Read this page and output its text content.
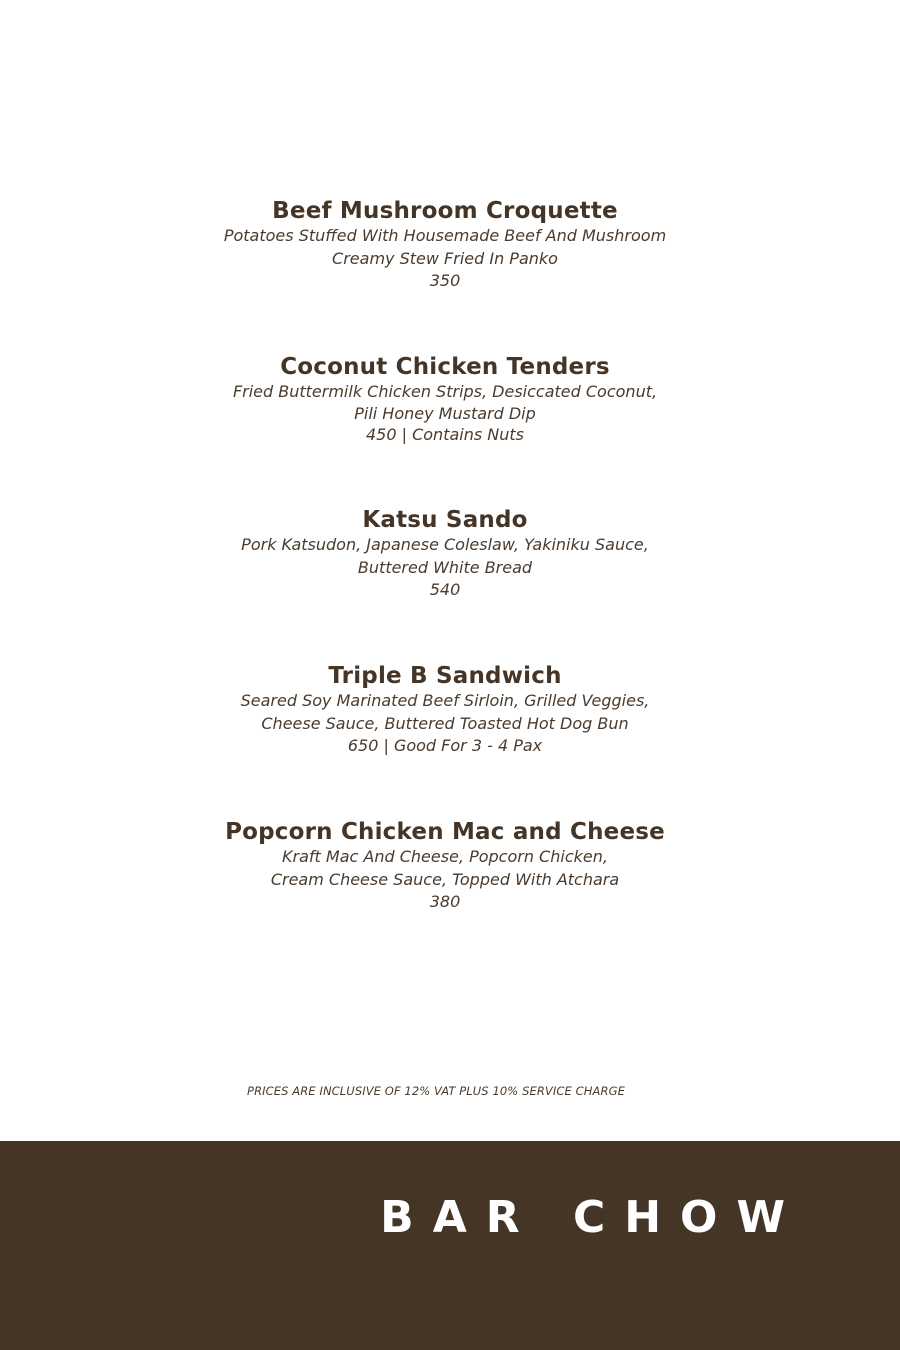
Beef Mushroom Croquette

Potatoes Stuffed With Housemade Beef And Mushroom
Creamy Stew Fried In Panko

350

Coconut Chicken Tenders

Fried Buttermilk Chicken Strips, Desiccated Coconut,
Pili Honey Mustard Dip

450 | Contains Nuts

Katsu Sando

Pork Katsudon, Japanese Coleslaw, Yakiniku Sauce,
Buttered White Bread

540

Triple B Sandwich

Seared Soy Marinated Beef Sirloin, Grilled Veggies,
Cheese Sauce, Buttered Toasted Hot Dog Bun

650 | Good For 3 - 4 Pax

Popcorn Chicken Mac and Cheese

Kraft Mac And Cheese, Popcorn Chicken,
Cream Cheese Sauce, Topped With Atchara

380

PRICES ARE INCLUSIVE OF 12% VAT PLUS 10% SERVICE CHARGE
BAR CHOW
